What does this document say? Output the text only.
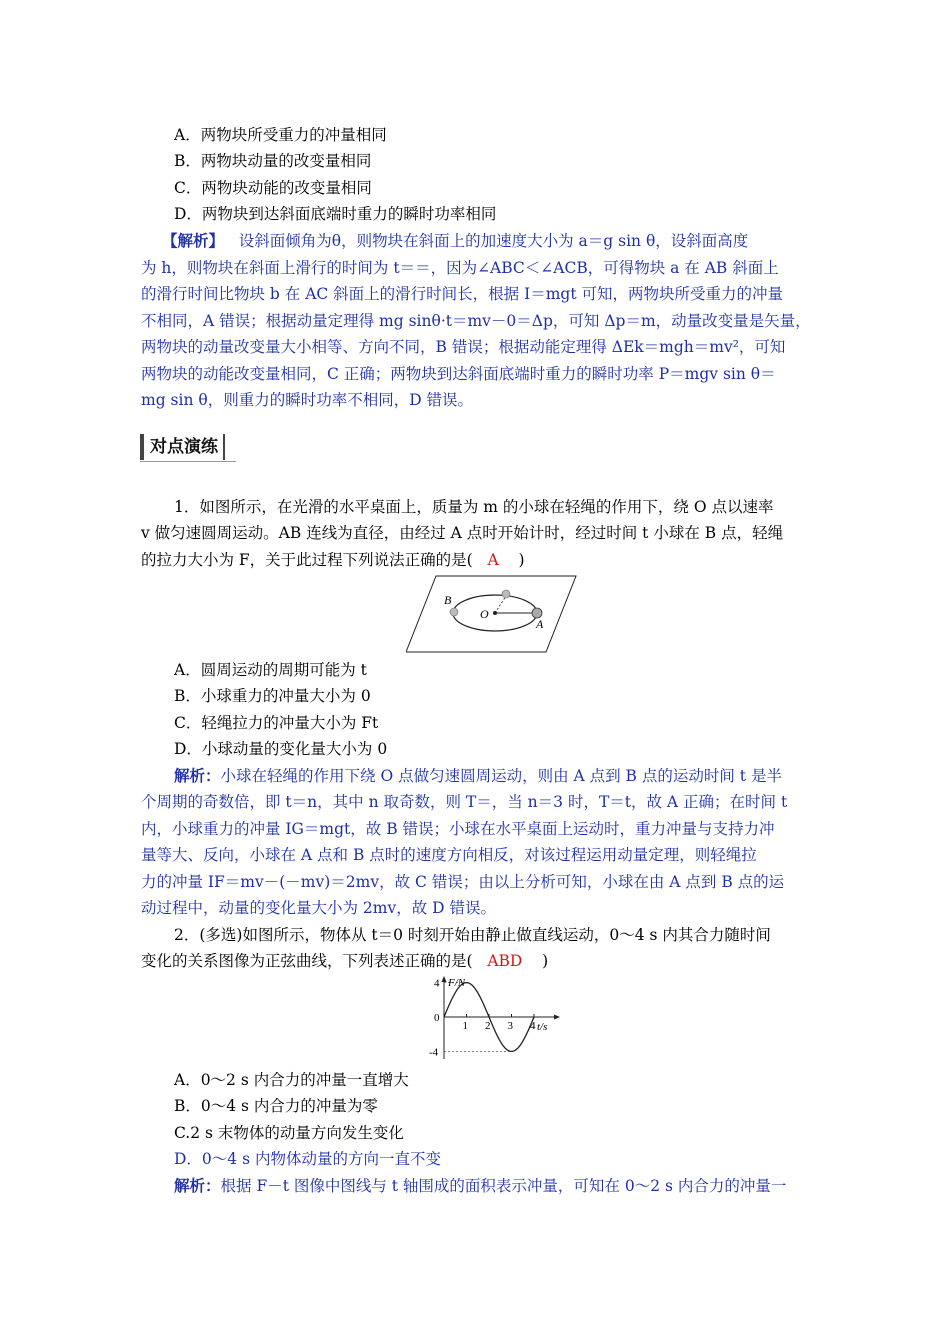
A．两物块所受重力的冲量相同
B．两物块动量的改变量相同
C．两物块动能的改变量相同
D．两物块到达斜面底端时重力的瞬时功率相同
【解析】 设斜面倾角为θ，则物块在斜面上的加速度大小为 a＝g sin θ，设斜面高度
为 h，则物块在斜面上滑行的时间为 t＝＝，因为∠ABC＜∠ACB，可得物块 a 在 AB 斜面上
的滑行时间比物块 b 在 AC 斜面上的滑行时间长，根据 I＝mgt 可知，两物块所受重力的冲量
不相同，A 错误；根据动量定理得 mg sinθ·t＝mv－0＝Δp，可知 Δp＝m，动量改变量是矢量，
两物块的动量改变量大小相等、方向不同，B 错误；根据动能定理得 ΔEk＝mgh＝mv²，可知
两物块的动能改变量相同，C 正确；两物块到达斜面底端时重力的瞬时功率 P＝mgv sin θ＝
mg sin θ，则重力的瞬时功率不相同，D 错误。
对点演练
1．如图所示，在光滑的水平桌面上，质量为 m 的小球在轻绳的作用下，绕 O 点以速率
v 做匀速圆周运动。AB 连线为直径，由经过 A 点时开始计时，经过时间 t 小球在 B 点，轻绳
的拉力大小为 F，关于此过程下列说法正确的是( A )
B
O
A
A．圆周运动的周期可能为 t
B．小球重力的冲量大小为 0
C．轻绳拉力的冲量大小为 Ft
D．小球动量的变化量大小为 0
解析：小球在轻绳的作用下绕 O 点做匀速圆周运动，则由 A 点到 B 点的运动时间 t 是半
个周期的奇数倍，即 t＝n，其中 n 取奇数，则 T＝，当 n＝3 时，T＝t，故 A 正确；在时间 t
内，小球重力的冲量 IG＝mgt，故 B 错误；小球在水平桌面上运动时，重力冲量与支持力冲
量等大、反向，小球在 A 点和 B 点时的速度方向相反，对该过程运用动量定理，则轻绳拉
力的冲量 IF＝mv－(－mv)＝2mv，故 C 错误；由以上分析可知，小球在由 A 点到 B 点的运
动过程中，动量的变化量大小为 2mv，故 D 错误。
2．(多选)如图所示，物体从 t＝0 时刻开始由静止做直线运动，0～4 s 内其合力随时间
变化的关系图像为正弦曲线，下列表述正确的是( ABD )
1 2 3 4
4
0
-4
F/N
t/s
A．0～2 s 内合力的冲量一直增大
B．0～4 s 内合力的冲量为零
C.2 s 末物体的动量方向发生变化
D．0～4 s 内物体动量的方向一直不变
解析：根据 F－t 图像中图线与 t 轴围成的面积表示冲量，可知在 0～2 s 内合力的冲量一
